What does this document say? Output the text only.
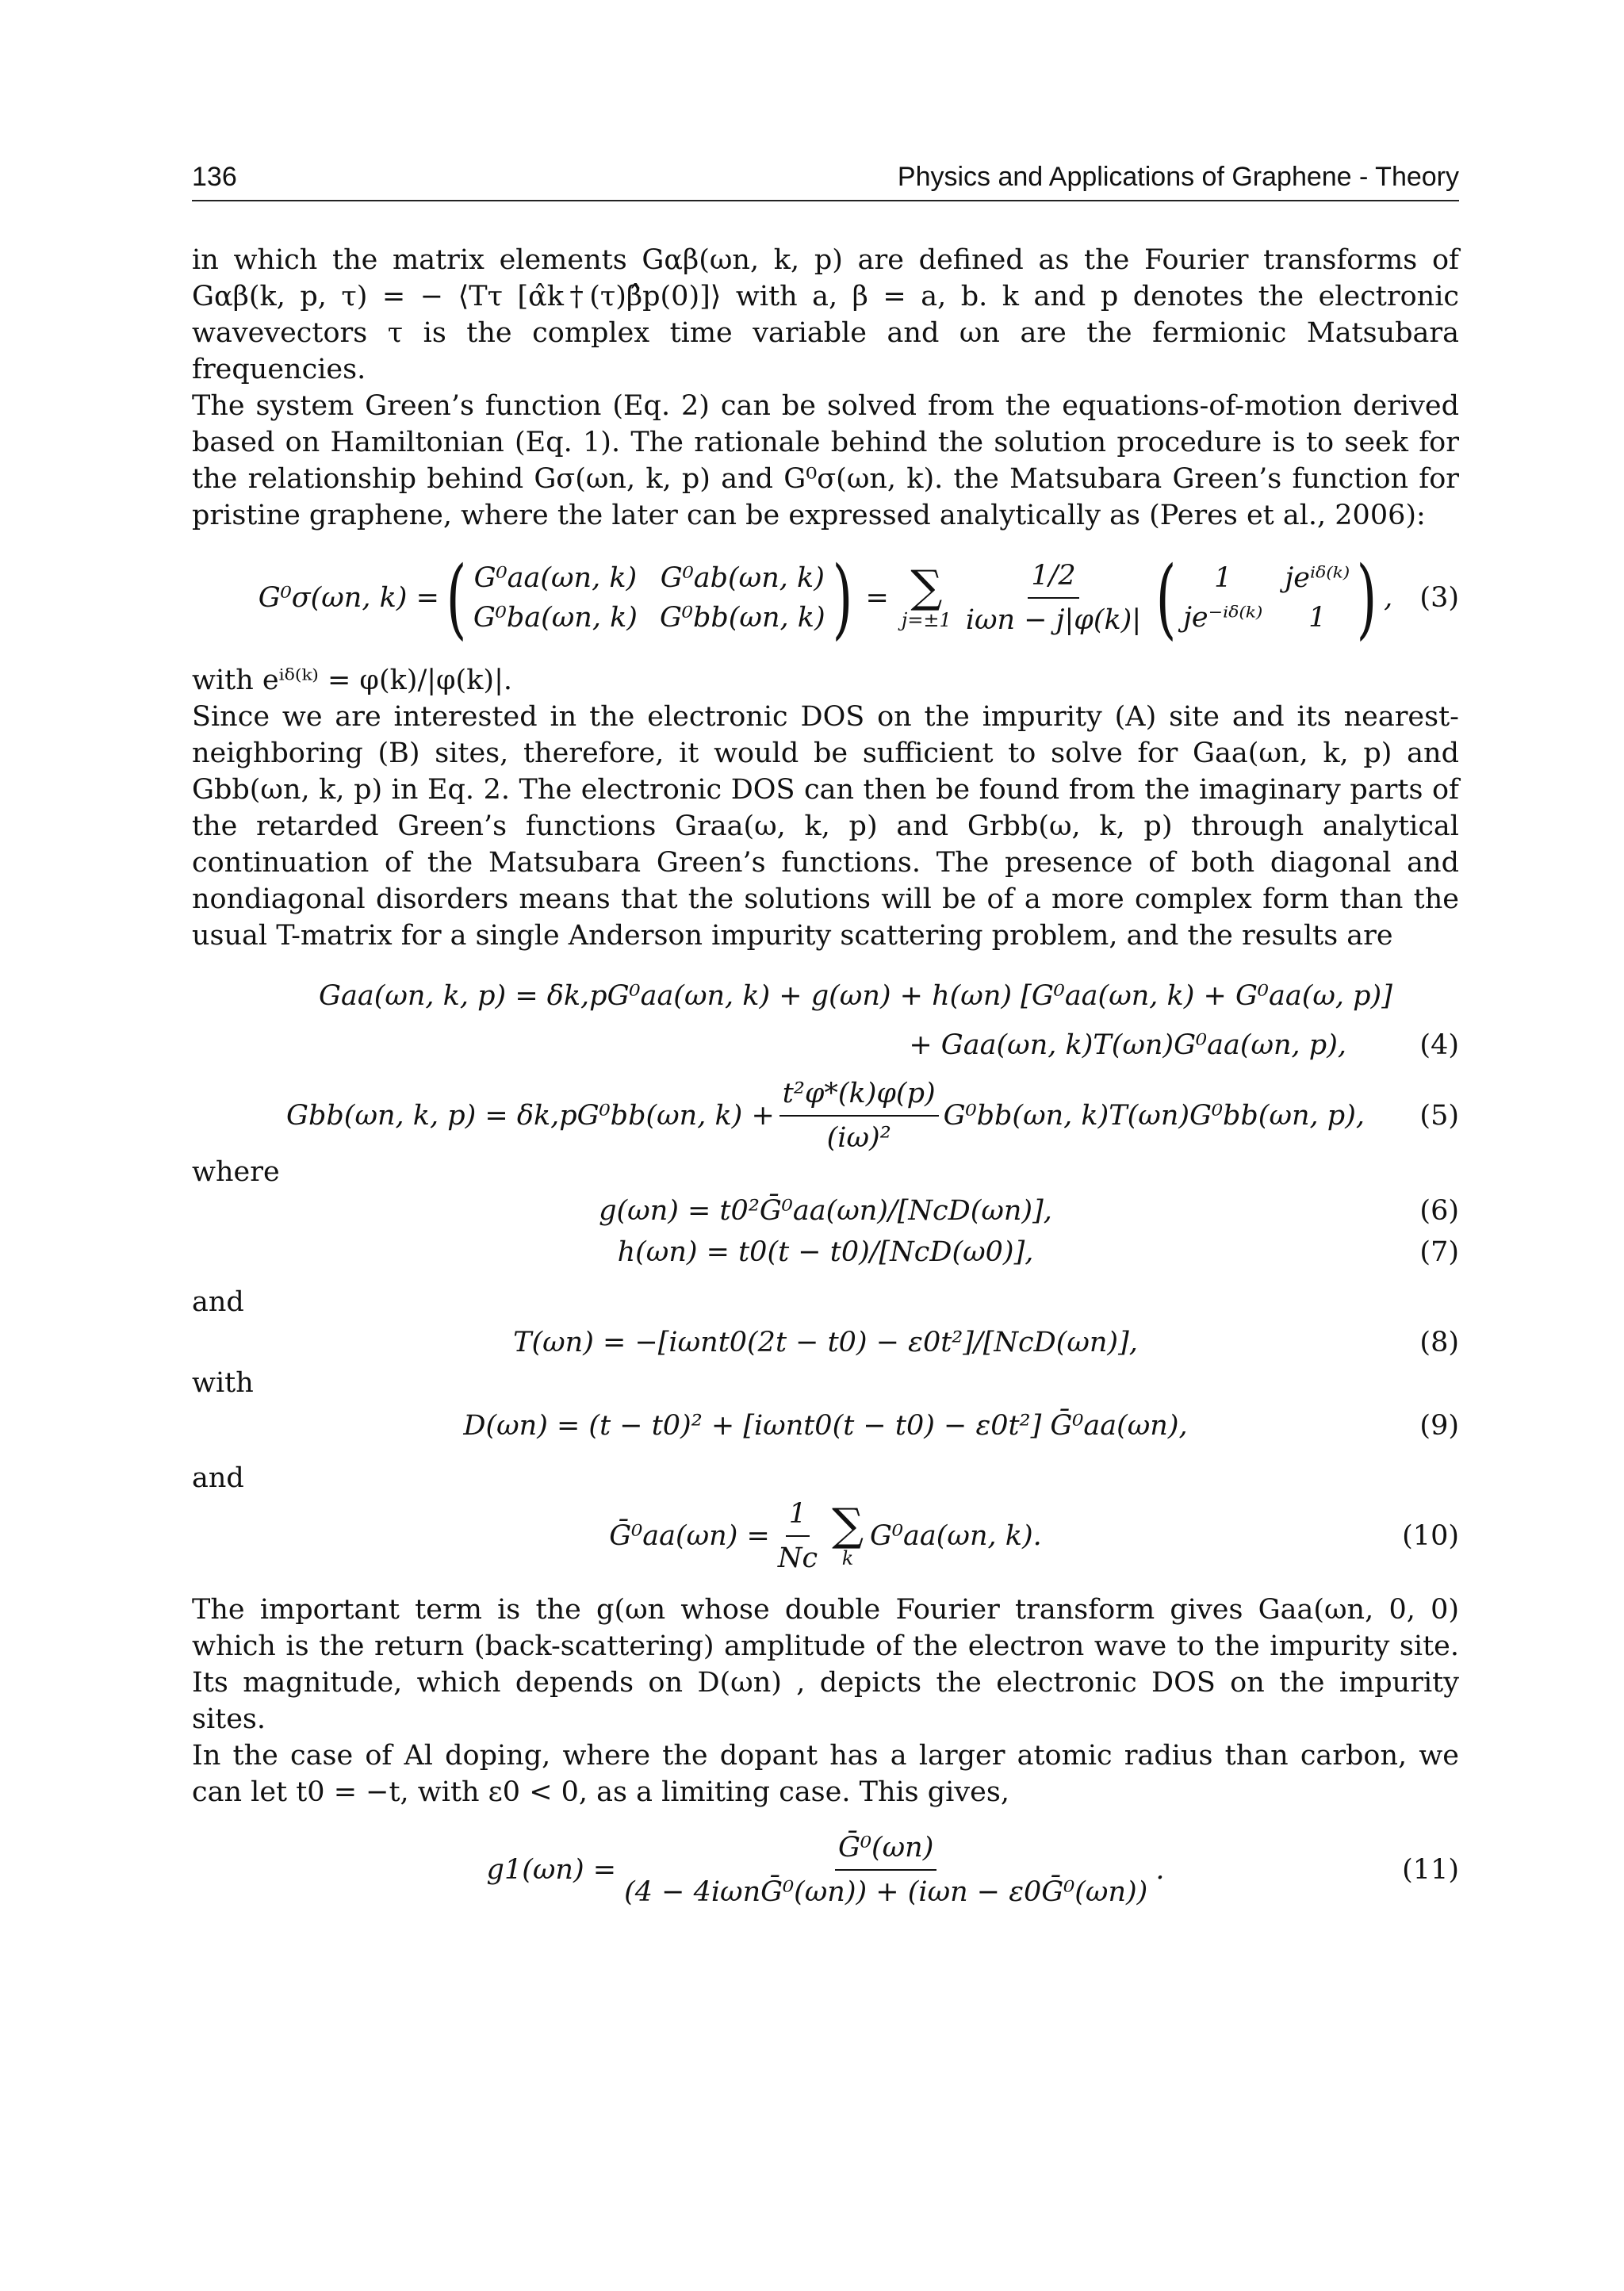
136	Physics and Applications of Graphene - Theory

in which the matrix elements Gαβ(ωn, k, p) are defined as the Fourier transforms of Gαβ(k, p, τ) = − ⟨Tτ [α̂k†(τ)β̂p(0)]⟩ with a, β = a, b. k and p denotes the electronic wavevectors τ is the complex time variable and ωn are the fermionic Matsubara frequencies.

The system Green’s function (Eq. 2) can be solved from the equations-of-motion derived based on Hamiltonian (Eq. 1). The rationale behind the solution procedure is to seek for the relationship behind Gσ(ωn, k, p) and G⁰σ(ωn, k). the Matsubara Green’s function for pristine graphene, where the later can be expressed analytically as (Peres et al., 2006):

G⁰σ(ωn, k) = ( G⁰aa(ωn, k) G⁰ab(ωn, k)
G⁰ba(ωn, k) G⁰bb(ωn, k) ) = ∑
$j=\pm 1 \frac{1/2}{\text{iωn − j|φ(k)|}}$ (	1	jeⁱᵟ⁽ᵏ⁾
je⁻ⁱᵟ⁽ᵏ⁾	1 ) , (3)

with eⁱᵟ⁽ᵏ⁾ = φ(k)/|φ(k)|.

Since we are interested in the electronic DOS on the impurity (A) site and its nearest-neighboring (B) sites, therefore, it would be sufficient to solve for Gaa(ωn, k, p) and Gbb(ωn, k, p) in Eq. 2. The electronic DOS can then be found from the imaginary parts of the retarded Green’s functions Grаа(ω, k, p) and Grbb(ω, k, p) through analytical continuation of the Matsubara Green’s functions. The presence of both diagonal and nondiagonal disorders means that the solutions will be of a more complex form than the usual T-matrix for a single Anderson impurity scattering problem, and the results are

Gaa(ωn, k, p) = δk,pG⁰aa(ωn, k) + g(ωn) + h(ωn) [G⁰aa(ωn, k) + G⁰aa(ω, p)]
+ Gaa(ωn, k)T(ωn)G⁰aa(ωn, p),	(4)
Gbb(ωn, k, p) = δk,pG⁰bb(ωn, $k) + \frac{\text{t²φ*(k)φ(p)}}{\text{(iω)²}} G^0bb(\omega n$, k)T(ωn)G⁰bb(ωn, p), (5)

where

g(ωn) = t0²Ḡ⁰aa(ωn)/[NcD(ωn)],	(6)
h(ωn) = t0(t − t0)/[NcD(ω0)],	(7)

and

T(ωn) = −[iωnt0(2t − t0) − ε0t²]/[NcD(ωn)],	(8)

with

D(ωn) = (t − t0)² + [iωnt0(t − t0) − ε0t²] Ḡ⁰aa(ωn),	(9)

and

Ḡ⁰aa(ωn) = $\frac{1}{Nc}$ ∑
k
G⁰aa(ωn, k).	(10)

The important term is the g(ωn whose double Fourier transform gives Gaa(ωn, 0, 0) which is the return (back-scattering) amplitude of the electron wave to the impurity site. Its magnitude, which depends on D(ωn) , depicts the electronic DOS on the impurity sites.

In the case of Al doping, where the dopant has a larger atomic radius than carbon, we can let t0 = −t, with ε0 < 0, as a limiting case. This gives,

$g1(\omega n) = \frac{\text{Ḡ⁰(ωn)}}{\text{(4 − 4iωnḠ⁰(ωn)) + (iωn − ε0Ḡ⁰(ωn))}}$ .	(11)
